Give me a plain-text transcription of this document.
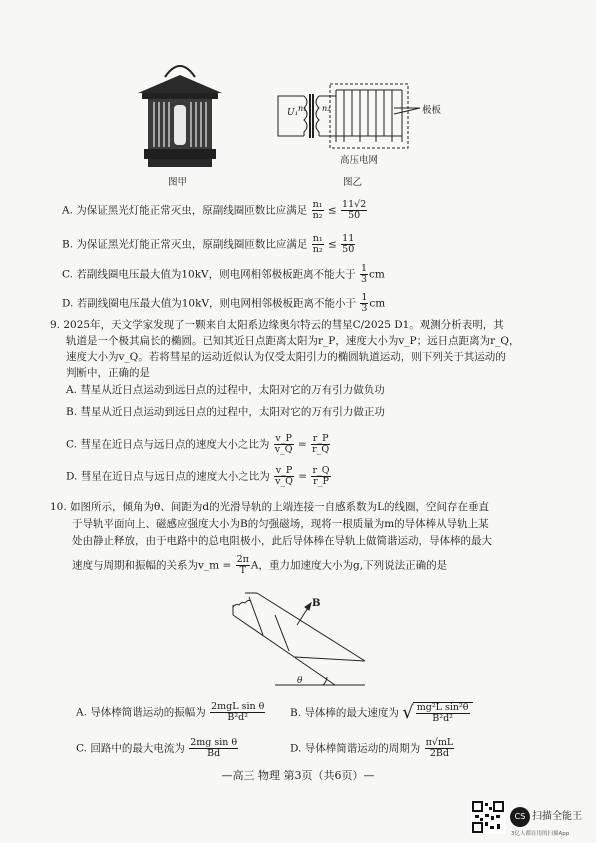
图甲
U₁ n₁ n₂	极板
高压电网
图乙
A. 为保证黑光灯能正常灭虫，原副线圈匝数比应满足 $\frac{\text{n₁}}{\text{n₂}} \le \frac{11√2}{50}$
B. 为保证黑光灯能正常灭虫，原副线圈匝数比应满足 $\frac{\text{n₁}}{\text{n₂}} \le \frac{11}{50}$
C. 若副线圈电压最大值为10kV，则电网相邻极板距离不能大于 $\frac{1}{3}$ cm
D. 若副线圈电压最大值为10kV，则电网相邻极板距离不能小于 $\frac{1}{3}$ cm
9. 2025年，天文学家发现了一颗来自太阳系边缘奥尔特云的彗星C/2025 D1。观测分析表明，其
轨道是一个极其扁长的椭圆。已知其近日点距离太阳为r_P，速度大小为v_P；远日点距离为r_Q，
速度大小为v_Q。若将彗星的运动近似认为仅受太阳引力的椭圆轨道运动，则下列关于其运动的
判断中，正确的是
A. 彗星从近日点运动到远日点的过程中，太阳对它的万有引力做负功
B. 彗星从近日点运动到远日点的过程中，太阳对它的万有引力做正功
C. 彗星在近日点与远日点的速度大小之比为 $\frac{v\_P}{v\_Q} = \frac{r\_P}{r\_Q}$
D. 彗星在近日点与远日点的速度大小之比为 $\frac{v\_P}{v\_Q} = \frac{r\_Q}{r\_P}$
10. 如图所示，倾角为θ、间距为d的光滑导轨的上端连接一自感系数为L的线圈，空间存在垂直
于导轨平面向上、磁感应强度大小为B的匀强磁场，现将一根质量为m的导体棒从导轨上某
处由静止释放，由于电路中的总电阻极小，此后导体棒在导轨上做简谐运动，导体棒的最大
速度与周期和振幅的关系为v_m = $\frac{2\pi}{T}$ A，重力加速度大小为g,下列说法正确的是
B
θ
A. 导体棒简谐运动的振幅为 $\frac{\text{2mgL sin θ}}{\text{B²d²}} B$. 导体棒的最大速度为 √ $\frac{\text{mg²L sin²θ}}{\text{B²d²}}$
C. 回路中的最大电流为 $\frac{\text{2mg sin θ}}{Bd}$	D. 导体棒简谐运动的周期为 $\frac{\pi√mL}{2Bd}$
—高三 物理 第3页（共6页）—
CS 扫描全能王
3亿人都在用的扫描App
